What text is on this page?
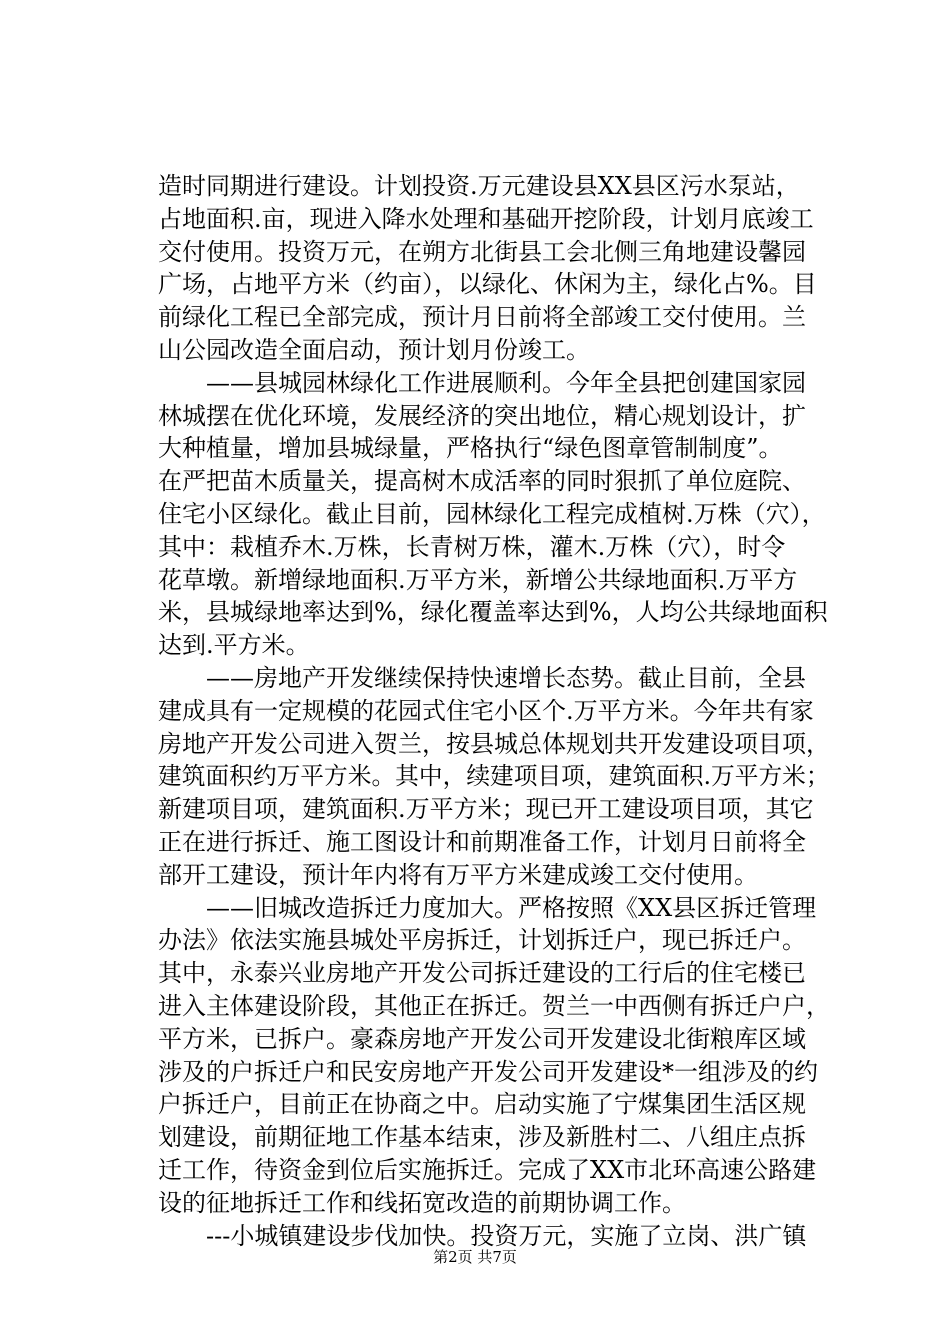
造时同期进行建设。计划投资.万元建设县XX县区污水泵站，
占地面积.亩，现进入降水处理和基础开挖阶段，计划月底竣工
交付使用。投资万元，在朔方北街县工会北侧三角地建设馨园
广场，占地平方米（约亩），以绿化、休闲为主，绿化占%。目
前绿化工程已全部完成，预计月日前将全部竣工交付使用。兰
山公园改造全面启动，预计划月份竣工。
　　——县城园林绿化工作进展顺利。今年全县把创建国家园
林城摆在优化环境，发展经济的突出地位，精心规划设计，扩
大种植量，增加县城绿量，严格执行“绿色图章管制制度”。
在严把苗木质量关，提高树木成活率的同时狠抓了单位庭院、
住宅小区绿化。截止目前，园林绿化工程完成植树.万株（穴），
其中：栽植乔木.万株，长青树万株，灌木.万株（穴），时令
花草墩。新增绿地面积.万平方米，新增公共绿地面积.万平方
米，县城绿地率达到%，绿化覆盖率达到%，人均公共绿地面积
达到.平方米。
　　——房地产开发继续保持快速增长态势。截止目前，全县
建成具有一定规模的花园式住宅小区个.万平方米。今年共有家
房地产开发公司进入贺兰，按县城总体规划共开发建设项目项，
建筑面积约万平方米。其中，续建项目项，建筑面积.万平方米；
新建项目项，建筑面积.万平方米；现已开工建设项目项，其它
正在进行拆迁、施工图设计和前期准备工作，计划月日前将全
部开工建设，预计年内将有万平方米建成竣工交付使用。
　　——旧城改造拆迁力度加大。严格按照《XX县区拆迁管理
办法》依法实施县城处平房拆迁，计划拆迁户，现已拆迁户。
其中，永泰兴业房地产开发公司拆迁建设的工行后的住宅楼已
进入主体建设阶段，其他正在拆迁。贺兰一中西侧有拆迁户户，
平方米，已拆户。豪森房地产开发公司开发建设北街粮库区域
涉及的户拆迁户和民安房地产开发公司开发建设*一组涉及的约
户拆迁户，目前正在协商之中。启动实施了宁煤集团生活区规
划建设，前期征地工作基本结束，涉及新胜村二、八组庄点拆
迁工作，待资金到位后实施拆迁。完成了XX市北环高速公路建
设的征地拆迁工作和线拓宽改造的前期协调工作。
　　---小城镇建设步伐加快。投资万元，实施了立岗、洪广镇
第2页 共7页
